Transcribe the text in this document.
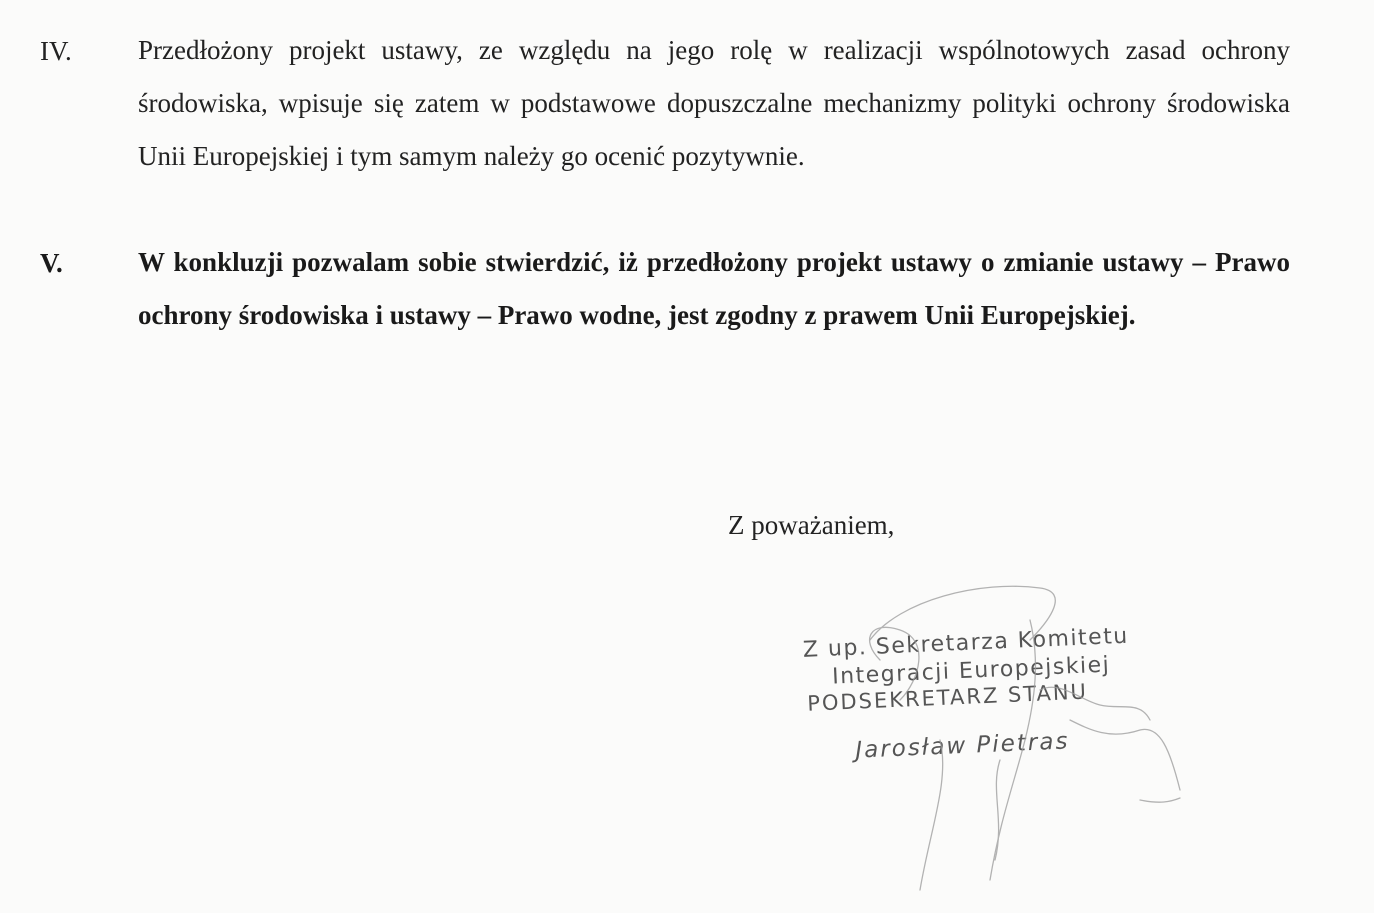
IV. Przedłożony projekt ustawy, ze względu na jego rolę w realizacji wspólnotowych zasad ochrony środowiska, wpisuje się zatem w podstawowe dopuszczalne mechanizmy polityki ochrony środowiska Unii Europejskiej i tym samym należy go ocenić pozytywnie.
V.	W konkluzji pozwalam sobie stwierdzić, iż przedłożony projekt ustawy o zmianie ustawy – Prawo ochrony środowiska i ustawy – Prawo wodne, jest zgodny z prawem Unii Europejskiej.
Z poważaniem,
Z up. Sekretarza Komitetu
Integracji Europejskiej
PODSEKRETARZ STANU
Jarosław Pietras
